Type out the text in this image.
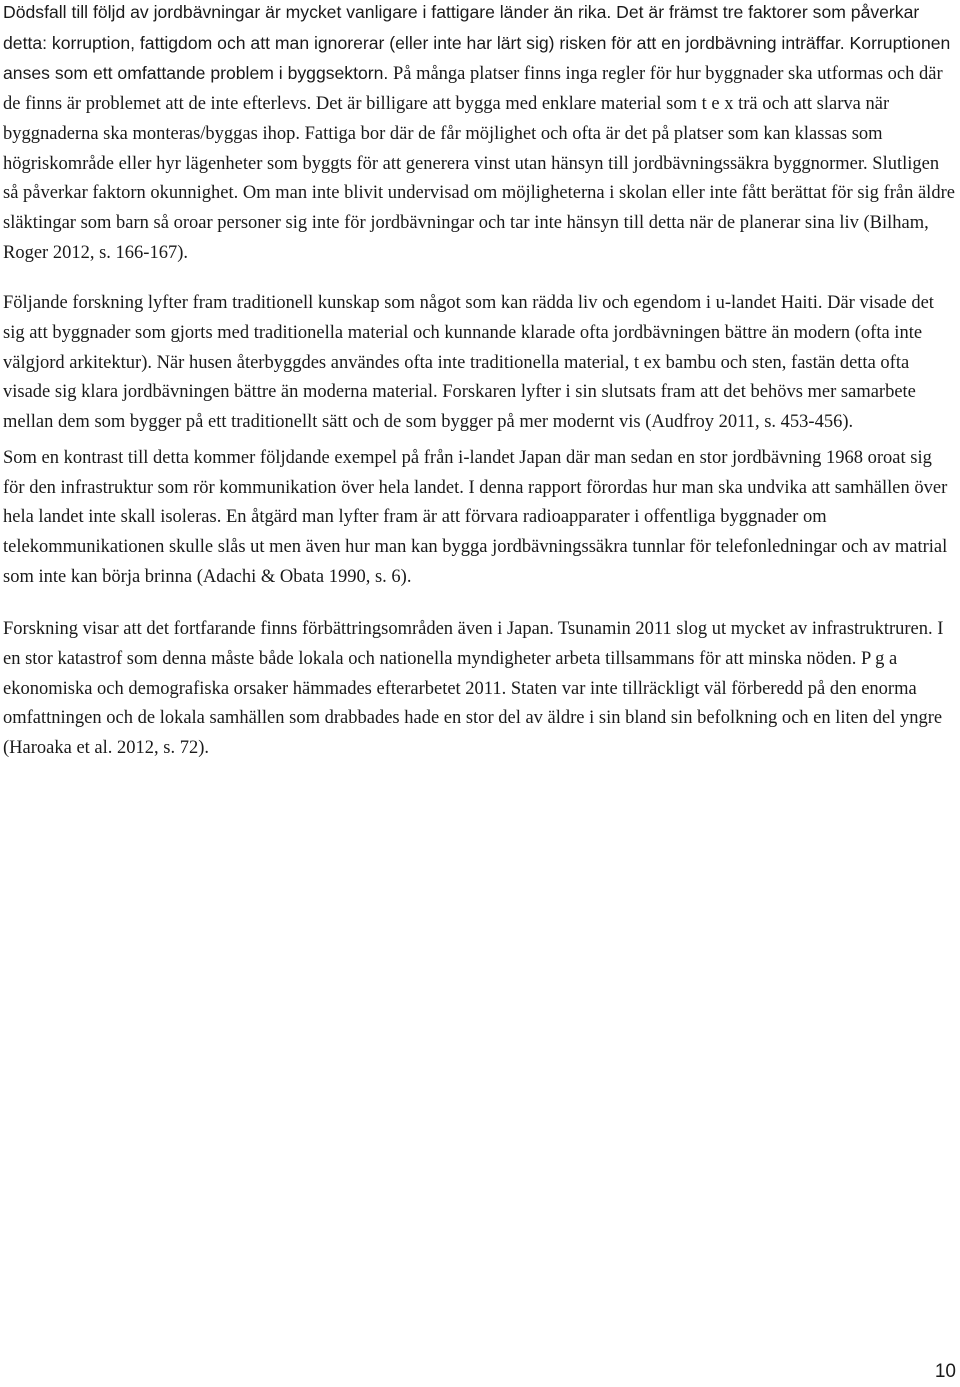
Dödsfall till följd av jordbävningar är mycket vanligare i fattigare länder än rika. Det är främst tre faktorer som påverkar detta: korruption, fattigdom och att man ignorerar (eller inte har lärt sig) risken för att en jordbävning inträffar. Korruptionen anses som ett omfattande problem i byggsektorn. På många platser finns inga regler för hur byggnader ska utformas och där de finns är problemet att de inte efterlevs. Det är billigare att bygga med enklare material som t e x trä och att slarva när byggnaderna ska monteras/byggas ihop. Fattiga bor där de får möjlighet och ofta är det på platser som kan klassas som högriskområde eller hyr lägenheter som byggts för att generera vinst utan hänsyn till jordbävningssäkra byggnormer. Slutligen så påverkar faktorn okunnighet. Om man inte blivit undervisad om möjligheterna i skolan eller inte fått berättat för sig från äldre släktingar som barn så oroar personer sig inte för jordbävningar och tar inte hänsyn till detta när de planerar sina liv (Bilham, Roger 2012, s. 166-167).

Följande forskning lyfter fram traditionell kunskap som något som kan rädda liv och egendom i u-landet Haiti. Där visade det sig att byggnader som gjorts med traditionella material och kunnande klarade ofta jordbävningen bättre än modern (ofta inte välgjord arkitektur). När husen återbyggdes användes ofta inte traditionella material, t ex bambu och sten, fastän detta ofta visade sig klara jordbävningen bättre än moderna material. Forskaren lyfter i sin slutsats fram att det behövs mer samarbete mellan dem som bygger på ett traditionellt sätt och de som bygger på mer modernt vis (Audfroy 2011, s. 453-456).

Som en kontrast till detta kommer följdande exempel på från i-landet Japan där man sedan en stor jordbävning 1968 oroat sig för den infrastruktur som rör kommunikation över hela landet. I denna rapport förordas hur man ska undvika att samhällen över hela landet inte skall isoleras. En åtgärd man lyfter fram är att förvara radioapparater i offentliga byggnader om telekommunikationen skulle slås ut men även hur man kan bygga jordbävningssäkra tunnlar för telefonledningar och av matrial som inte kan börja brinna (Adachi & Obata 1990, s. 6).

Forskning visar att det fortfarande finns förbättringsområden även i Japan. Tsunamin 2011 slog ut mycket av infrastruktruren. I en stor katastrof som denna måste både lokala och nationella myndigheter arbeta tillsammans för att minska nöden. P g a ekonomiska och demografiska orsaker hämmades efterarbetet 2011. Staten var inte tillräckligt väl förberedd på den enorma omfattningen och de lokala samhällen som drabbades hade en stor del av äldre i sin bland sin befolkning och en liten del yngre (Haroaka et al. 2012, s. 72).

10
